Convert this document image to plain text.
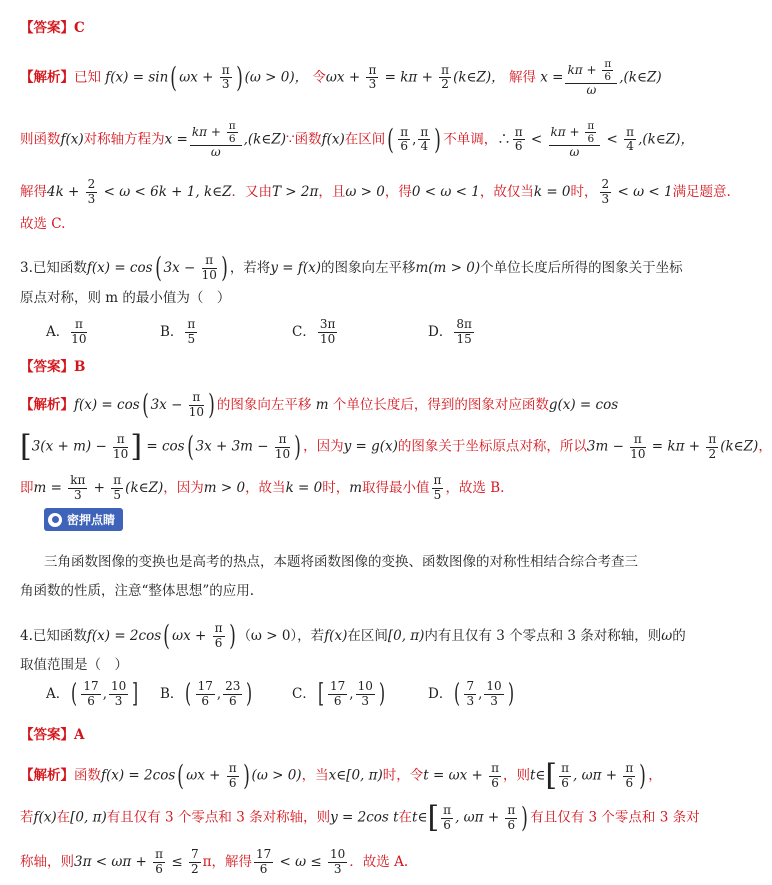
【答案】C
【解析】已知 f(x) = sin( $\omega x + \frac{\pi}{3}$ ) (ω > 0)， 令$\omega x + \frac{\pi}{3} = k\pi + \frac{\pi}{2}$ (k∈Z)， 解得 $x = \frac{k\pi + \frac{\pi}{6}}{\omega}$ ,(k∈Z)
则函数f(x)对称轴方程为$x = \frac{k\pi + \frac{\pi}{6}}{\omega}$ ,(k∈Z)∵函数f(x)在区间( $\frac{\pi}{6}$ , $\frac{\pi}{4}$ ) 不单调，∴ $\frac{\pi}{6} < \frac{k\pi + \frac{\pi}{6}}{\omega} < \frac{\pi}{4}$ ,(k∈Z)，
解得$4k + \frac{2}{3} < \omega < 6k + 1$, k∈Z．又由T > 2π，且ω > 0，得0 < ω < 1，故仅当k = 0时， $\frac{2}{3} < \omega < 1$满足题意.
故选 C.
3.已知函数f(x) = cos( $3x - \frac{\pi}{10}$ ) ，若将y = f(x)的图象向左平移m(m > 0)个单位长度后所得的图象关于坐标
原点对称，则 m 的最小值为（　）
A． $\frac{\pi}{10}$	B． $\frac{\pi}{5}$	C． $\frac{3\pi}{10}$	D． $\frac{8\pi}{15}$
【答案】B
【解析】f(x) = cos( $3x - \frac{\pi}{10}$ ) 的图象向左平移 m 个单位长度后，得到的图象对应函数g(x) = cos
[$3(x + m) - \frac{\pi}{10}$ ] = cos( $3x + 3m - \frac{\pi}{10}$ ) ，因为y = g(x)的图象关于坐标原点对称，所以$3m - \frac{\pi}{10} = k\pi + \frac{\pi}{2}$ (k∈Z)，
即$m = \frac{k\pi}{3} + \frac{\pi}{5}$ (k∈Z)，因为m > 0，故当k = 0时，m取得最小值 $\frac{\pi}{5}$ ，故选 B.
密押点睛
三角函数图像的变换也是高考的热点，本题将函数图像的变换、函数图像的对称性相结合综合考查三
角函数的性质，注意“整体思想”的应用.
4.已知函数f(x) = 2cos( $\omega x + \frac{\pi}{6}$ ) （ω > 0），若f(x)在区间[0, π)内有且仅有 3 个零点和 3 条对称轴，则ω的
取值范围是（　）
A．( $\frac{17}{6}$ , $\frac{10}{3}$ ] B．( $\frac{17}{6}$ , $\frac{23}{6}$ )	C．[ $\frac{17}{6}$ , $\frac{10}{3}$ )	D．( $\frac{7}{3}$ , $\frac{10}{3}$ )
【答案】A
【解析】函数f(x) = 2cos( $\omega x + \frac{\pi}{6}$ ) (ω > 0)，当x∈[0, π)时，令$t = \omega x + \frac{\pi}{6}$ ，则t∈[ $\frac{\pi}{6}$ , $\omega\pi + \frac{\pi}{6}$ ) ，
若f(x)在[0, π)有且仅有 3 个零点和 3 条对称轴，则y = 2cos t在t∈[ $\frac{\pi}{6}$ , $\omega\pi + \frac{\pi}{6}$ ) 有且仅有 3 个零点和 3 条对
称轴，则$3\pi < \omega\pi + \frac{\pi}{6} \le \frac{7}{2}$ π，解得 $\frac{17}{6} < \omega \le \frac{10}{3}$ ．故选 A.
